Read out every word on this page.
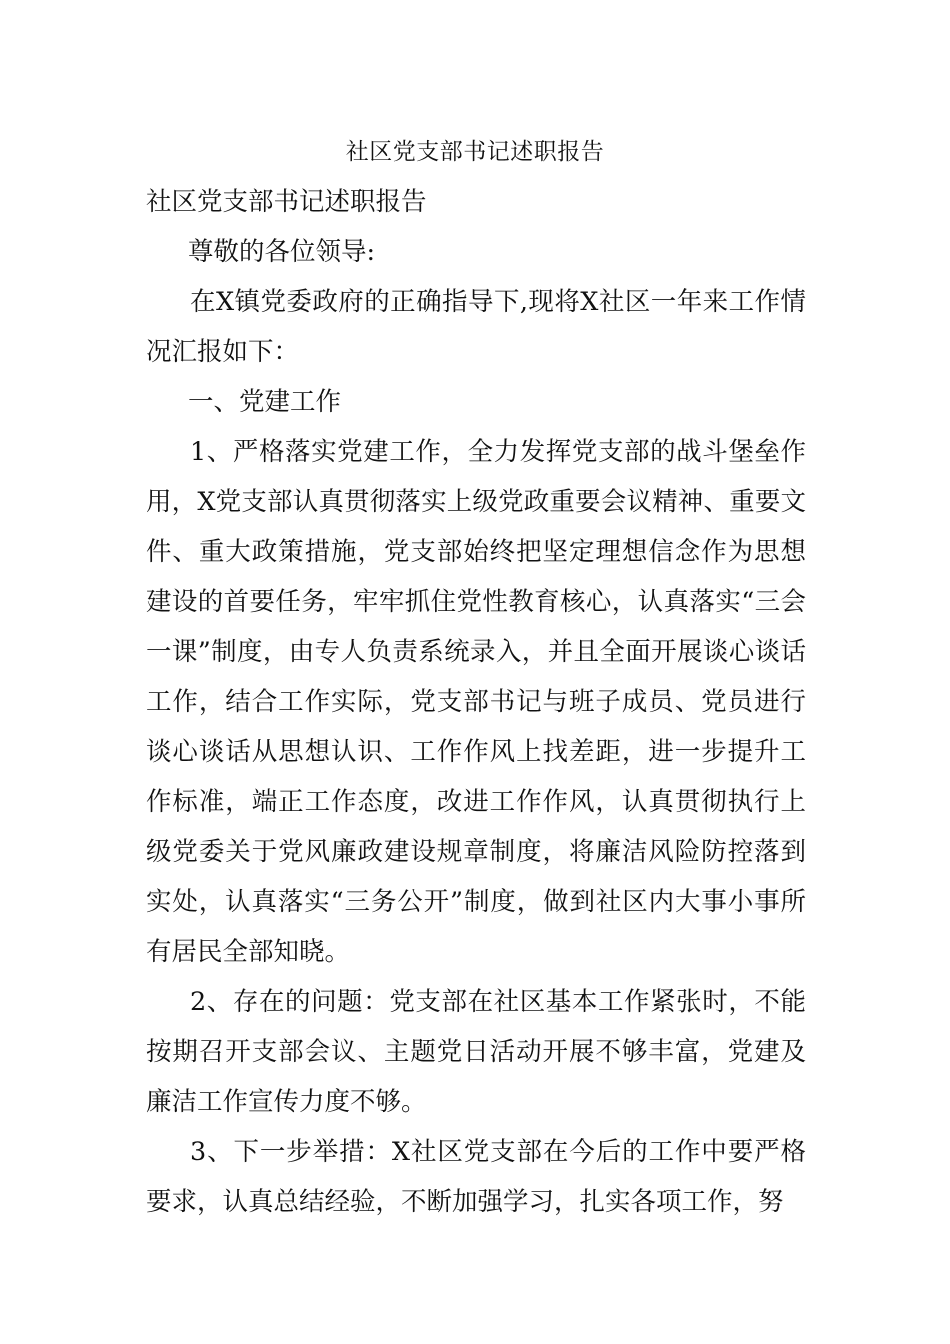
社区党支部书记述职报告

社区党支部书记述职报告

尊敬的各位领导:

在X镇党委政府的正确指导下,现将X社区一年来工作情况汇报如下：

一、党建工作

1、严格落实党建工作，全力发挥党支部的战斗堡垒作用，X党支部认真贯彻落实上级党政重要会议精神、重要文件、重大政策措施，党支部始终把坚定理想信念作为思想建设的首要任务，牢牢抓住党性教育核心，认真落实“三会一课”制度，由专人负责系统录入，并且全面开展谈心谈话工作，结合工作实际，党支部书记与班子成员、党员进行谈心谈话从思想认识、工作作风上找差距，进一步提升工作标准，端正工作态度，改进工作作风，认真贯彻执行上级党委关于党风廉政建设规章制度，将廉洁风险防控落到实处，认真落实“三务公开”制度，做到社区内大事小事所有居民全部知晓。

2、存在的问题：党支部在社区基本工作紧张时，不能按期召开支部会议、主题党日活动开展不够丰富，党建及廉洁工作宣传力度不够。

3、下一步举措：X社区党支部在今后的工作中要严格要求，认真总结经验，不断加强学习，扎实各项工作，努
